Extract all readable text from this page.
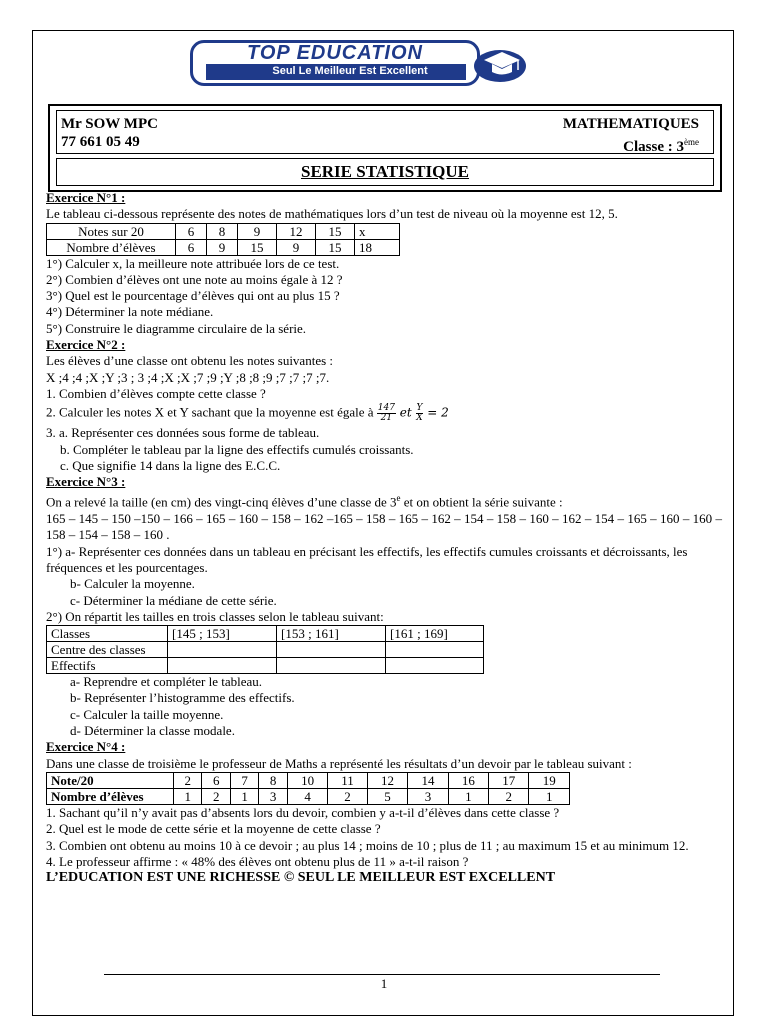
TOP EDUCATION
Seul Le Meilleur Est Excellent
Mr SOW MPC
77 661 05 49
MATHEMATIQUES
Classe : 3ème
SERIE STATISTIQUE

Exercice N°1 :

Le tableau ci-dessous représente des notes de mathématiques lors d’un test de niveau où la moyenne est 12, 5.

Notes sur 20	6	8	9	12	15	x
Nombre d’élèves	6	9	15	9	15	18

1°) Calculer x, la meilleure note attribuée lors de ce test.

2°) Combien d’élèves ont une note au moins égale à 12 ?

3°) Quel est le pourcentage d’élèves qui ont au plus 15 ?

4°) Déterminer la note médiane.

5°) Construire le diagramme circulaire de la série.

Exercice N°2 :

Les élèves d’une classe ont obtenu les notes suivantes :

X ;4 ;4 ;X ;Y ;3 ; 3 ;4 ;X ;X ;7 ;9 ;Y ;8 ;8 ;9 ;7 ;7 ;7 ;7.

1. Combien d’élèves compte cette classe ?

2. Calculer les notes X et Y sachant que la moyenne est égale à $\frac{147}{21}$ et $\frac{Y}{X} = 2$

3. a. Représenter ces données sous forme de tableau.

b. Compléter le tableau par la ligne des effectifs cumulés croissants.

c. Que signifie 14 dans la ligne des E.C.C.

Exercice N°3 :

On a relevé la taille (en cm) des vingt-cinq élèves d’une classe de 3e et on obtient la série suivante :

165 – 145 – 150 –150 – 166 – 165 – 160 – 158 – 162 –165 – 158 – 165 – 162 – 154 – 158 – 160 – 162 – 154 – 165 – 160 – 160 – 158 – 154 – 158 – 160 .

1°) a- Représenter ces données dans un tableau en précisant les effectifs, les effectifs cumules croissants et décroissants, les fréquences et les pourcentages.

b- Calculer la moyenne.

c- Déterminer la médiane de cette série.

2°) On répartit les tailles en trois classes selon le tableau suivant:

Classes	[145 ; 153]	[153 ; 161]	[161 ; 169]
Centre des classes			
Effectifs			

a- Reprendre et compléter le tableau.

b- Représenter l’histogramme des effectifs.

c- Calculer la taille moyenne.

d- Déterminer la classe modale.

Exercice N°4 :

Dans une classe de troisième le professeur de Maths a représenté les résultats d’un devoir par le tableau suivant :

Note/20	2	6	7	8	10	11	12	14	16	17	19
Nombre d’élèves	1	2	1	3	4	2	5	3	1	2	1

1. Sachant qu’il n’y avait pas d’absents lors du devoir, combien y a-t-il d’élèves dans cette classe ?

2. Quel est le mode de cette série et la moyenne de cette classe ?

3. Combien ont obtenu au moins 10 à ce devoir ; au plus 14 ; moins de 10 ; plus de 11 ; au maximum 15 et au minimum 12.

4. Le professeur affirme : « 48% des élèves ont obtenu plus de 11 » a-t-il raison ?

L’EDUCATION EST UNE RICHESSE © SEUL LE MEILLEUR EST EXCELLENT

1
